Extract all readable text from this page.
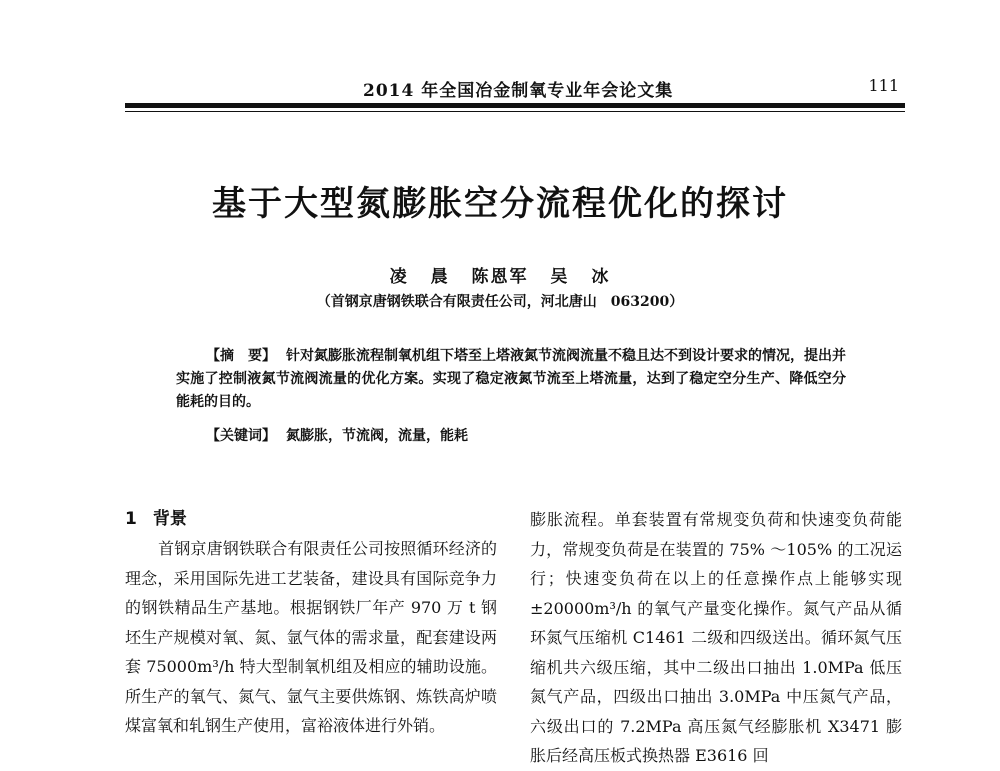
2014 年全国冶金制氧专业年会论文集	111
基于大型氮膨胀空分流程优化的探讨
凌 晨 陈恩军 吴 冰
（首钢京唐钢铁联合有限责任公司，河北唐山　063200）
【摘　要】 针对氮膨胀流程制氧机组下塔至上塔液氮节流阀流量不稳且达不到设计要求的情况，提出并实施了控制液氮节流阀流量的优化方案。实现了稳定液氮节流至上塔流量，达到了稳定空分生产、降低空分能耗的目的。
【关键词】 氮膨胀，节流阀，流量，能耗
1 背景
首钢京唐钢铁联合有限责任公司按照循环经济的理念，采用国际先进工艺装备，建设具有国际竞争力的钢铁精品生产基地。根据钢铁厂年产 970 万 t 钢坯生产规模对氧、氮、氩气体的需求量，配套建设两套 75000m³/h 特大型制氧机组及相应的辅助设施。所生产的氧气、氮气、氩气主要供炼钢、炼铁高炉喷煤富氧和轧钢生产使用，富裕液体进行外销。
膨胀流程。单套装置有常规变负荷和快速变负荷能力，常规变负荷是在装置的 75% ～105% 的工况运行；快速变负荷在以上的任意操作点上能够实现 ±20000m³/h 的氧气产量变化操作。氮气产品从循环氮气压缩机 C1461 二级和四级送出。循环氮气压缩机共六级压缩，其中二级出口抽出 1.0MPa 低压氮气产品，四级出口抽出 3.0MPa 中压氮气产品，六级出口的 7.2MPa 高压氮气经膨胀机 X3471 膨胀后经高压板式换热器 E3616 回
